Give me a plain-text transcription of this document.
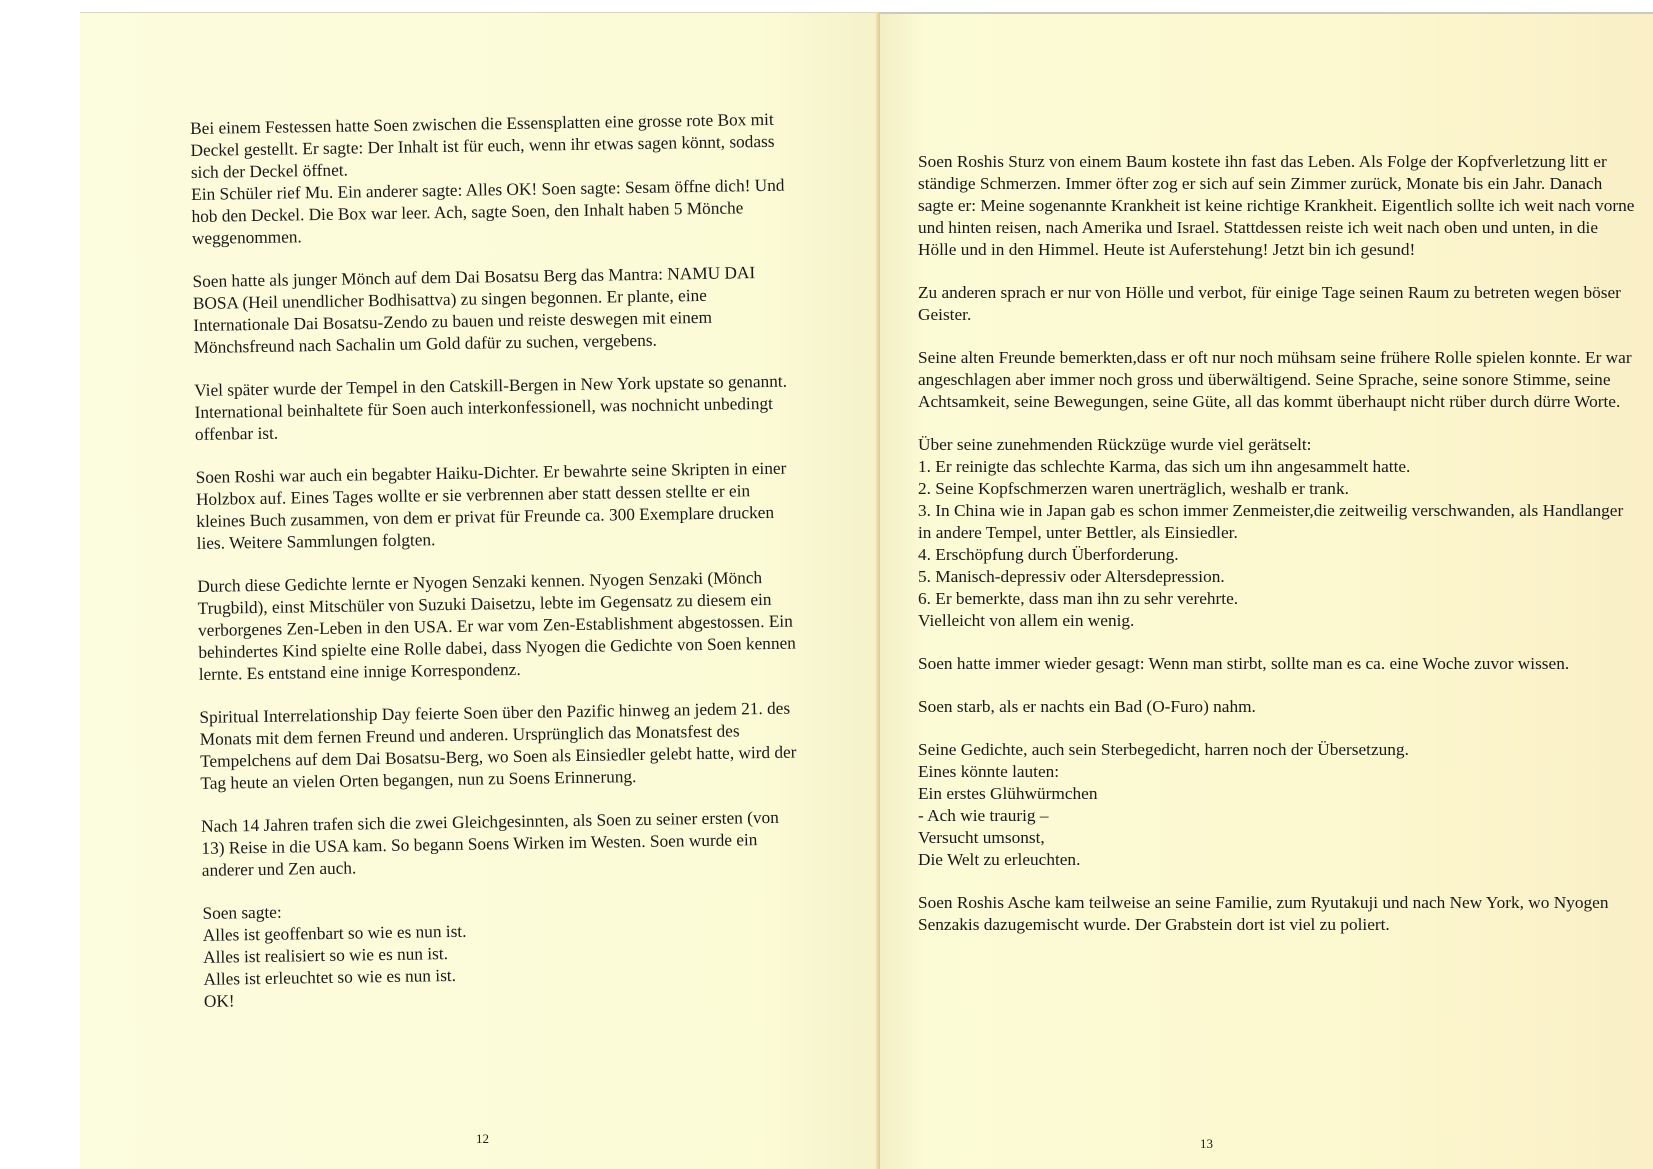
Bei einem Festessen hatte Soen zwischen die Essensplatten eine grosse rote Box mit Deckel gestellt. Er sagte: Der Inhalt ist für euch, wenn ihr etwas sagen könnt, sodass sich der Deckel öffnet.
Ein Schüler rief Mu. Ein anderer sagte: Alles OK! Soen sagte: Sesam öffne dich! Und hob den Deckel. Die Box war leer. Ach, sagte Soen, den Inhalt haben 5 Mönche weggenommen.

Soen hatte als junger Mönch auf dem Dai Bosatsu Berg das Mantra: NAMU DAI BOSA (Heil unendlicher Bodhisattva) zu singen begonnen. Er plante, eine Internationale Dai Bosatsu-Zendo zu bauen und reiste deswegen mit einem Mönchsfreund nach Sachalin um Gold dafür zu suchen, vergebens.

Viel später wurde der Tempel in den Catskill-Bergen in New York upstate so genannt. International beinhaltete für Soen auch interkonfessionell, was nochnicht unbedingt offenbar ist.

Soen Roshi war auch ein begabter Haiku-Dichter. Er bewahrte seine Skripten in einer Holzbox auf. Eines Tages wollte er sie verbrennen aber statt dessen stellte er ein kleines Buch zusammen, von dem er privat für Freunde ca. 300 Exemplare drucken lies. Weitere Sammlungen folgten.

Durch diese Gedichte lernte er Nyogen Senzaki kennen. Nyogen Senzaki (Mönch Trugbild), einst Mitschüler von Suzuki Daisetzu, lebte im Gegensatz zu diesem ein verborgenes Zen-Leben in den USA. Er war vom Zen-Establishment abgestossen. Ein behindertes Kind spielte eine Rolle dabei, dass Nyogen die Gedichte von Soen kennen lernte. Es entstand eine innige Korrespondenz.

Spiritual Interrelationship Day feierte Soen über den Pazific hinweg an jedem 21. des Monats mit dem fernen Freund und anderen. Ursprünglich das Monatsfest des Tempelchens auf dem Dai Bosatsu-Berg, wo Soen als Einsiedler gelebt hatte, wird der Tag heute an vielen Orten begangen, nun zu Soens Erinnerung.

Nach 14 Jahren trafen sich die zwei Gleichgesinnten, als Soen zu seiner ersten (von 13) Reise in die USA kam. So begann Soens Wirken im Westen. Soen wurde ein anderer und Zen auch.

Soen sagte:
Alles ist geoffenbart so wie es nun ist.
Alles ist realisiert so wie es nun ist.
Alles ist erleuchtet so wie es nun ist.
OK!

12

Soen Roshis Sturz von einem Baum kostete ihn fast das Leben. Als Folge der Kopfverletzung litt er ständige Schmerzen. Immer öfter zog er sich auf sein Zimmer zurück, Monate bis ein Jahr. Danach sagte er: Meine sogenannte Krankheit ist keine richtige Krankheit. Eigentlich sollte ich weit nach vorne und hinten reisen, nach Amerika und Israel. Stattdessen reiste ich weit nach oben und unten, in die Hölle und in den Himmel. Heute ist Auferstehung! Jetzt bin ich gesund!

Zu anderen sprach er nur von Hölle und verbot, für einige Tage seinen Raum zu betreten wegen böser Geister.

Seine alten Freunde bemerkten,dass er oft nur noch mühsam seine frühere Rolle spielen konnte. Er war angeschlagen aber immer noch gross und überwältigend. Seine Sprache, seine sonore Stimme, seine Achtsamkeit, seine Bewegungen, seine Güte, all das kommt überhaupt nicht rüber durch dürre Worte.

Über seine zunehmenden Rückzüge wurde viel gerätselt:
1. Er reinigte das schlechte Karma, das sich um ihn angesammelt hatte.
2. Seine Kopfschmerzen waren unerträglich, weshalb er trank.
3. In China wie in Japan gab es schon immer Zenmeister,die zeitweilig verschwanden, als Handlanger in andere Tempel, unter Bettler, als Einsiedler.
4. Erschöpfung durch Überforderung.
5. Manisch-depressiv oder Altersdepression.
6. Er bemerkte, dass man ihn zu sehr verehrte.
Vielleicht von allem ein wenig.

Soen hatte immer wieder gesagt: Wenn man stirbt, sollte man es ca. eine Woche zuvor wissen.

Soen starb, als er nachts ein Bad (O-Furo) nahm.

Seine Gedichte, auch sein Sterbegedicht, harren noch der Übersetzung.
Eines könnte lauten:
Ein erstes Glühwürmchen
- Ach wie traurig –
Versucht umsonst,
Die Welt zu erleuchten.

Soen Roshis Asche kam teilweise an seine Familie, zum Ryutakuji und nach New York, wo Nyogen Senzakis dazugemischt wurde. Der Grabstein dort ist viel zu poliert.

13
